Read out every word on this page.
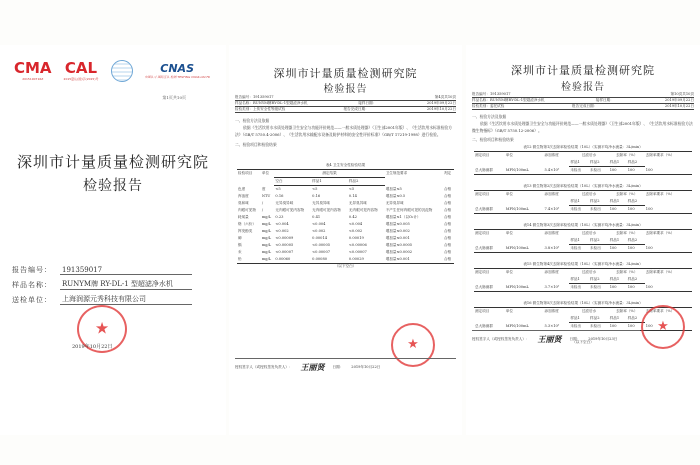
CMA
2015190716Z
CAL
2015量认(国)字(2015)号
CNAS
中国认可 国际互认 检测 TESTING CNAS L0176
第1页共10页
深圳市计量质量检测研究院
检验报告
报告编号：	191359017
样品名称：	RUNYM牌 RY-DL-1 型超滤净水机
送检单位：	上海润源元秀科技有限公司
★
2019年10月22日
深圳市计量质量检测研究院
检验报告
报告编号：191359017	第4页共10页
样品名称：RUNYM牌RY-DL-1型超滤净水机	接样日期：	2019年09月22日
检验类别：上传安全性等级试验	报告完成日期：	2019年10月22日
一、检验方法及依据
依据《生活饮用水水质处理器卫生安全与功能评价规范——一般水质处理器》（卫生部2001年版）、《生活饮用水标准检验方法》（GB/T 5750.4-2006）、《生活饮用水输配水设备及防护材料的安全性评价标准》（GB/T 17219-1998）进行检验。
二、检验项目和检验结果
表4 卫生安全性检验结果
检验项目	单位	测定结果			卫生规范要求	判定
		空白	样品1	样品2		
色度	度	<5	<5	<5	增加量≤5	合格
浑浊度	NTU	0.16	0.16	0.14	增加量≤0.5	合格
臭和味	/	无异臭异味	无异臭异味	无异臭异味	无异臭异味	合格
肉眼可见物	/	无肉眼可见内容物	无肉眼可见内容物	无肉眼可见内容物	不产生任何肉眼可见的沉淀物	合格
耗氧量	mg/L	0.23	0.41	0.42	增加量≤1（以O₂计）	合格
铬（六价）	mg/L	<0.004	<0.004	<0.004	增加量≤0.005	合格
挥发酚类	mg/L	<0.002	<0.002	<0.002	增加量≤0.002	合格
砷	mg/L	<0.00009	0.00014	0.00019	增加量≤0.001	合格
镉	mg/L	<0.00005	<0.00005	<0.00006	增加量≤0.0005	合格
汞	mg/L	<0.00007	<0.00007	<0.00007	增加量≤0.0002	合格
铅	mg/L	0.00060	0.00080	0.00029	增加量≤0.001	合格
（以下空白）
★
授权签字人（或授权签发负责人）： 王丽贤 日期： 2019年10月22日
深圳市计量质量检测研究院
检验报告
报告编号：191359017	第10页共10页
样品名称：RUNYM牌RY-DL-1型超滤净水机	接样日期：	2019年09月22日
检验类别：委托试验	报告完成日期：	2019年10月22日
一、检验方法及依据
依据《生活饮用水水质处理器卫生安全与功能评价规范——一般水质处理器》（卫生部2001年版）、《生活饮用水标准检验方法 微生物指标》（GB/T 5750.12-2006）。
二、检验项目和检验结果
表12 微生物第1次去除率检验结果（10L）（实测平均净水流量：3L/min）
测定项目	单位	添加浓度	过滤后水		去除率（%）		去除率要求（%）
			样品1	样品2	样品1	样品2	
总大肠菌群	MPN/100mL	5.4×10⁵	未检出	未检出	100	100	100
表13 微生物第2次去除率检验结果（10L）（实测平均净水流量：3L/min）
测定项目	单位	添加浓度	过滤后水		去除率（%）		去除率要求（%）
			样品1	样品2	样品1	样品2	
总大肠菌群	MPN/100mL	7.4×10⁵	未检出	未检出	100	100	100
表14 微生物第3次去除率检验结果（10L）（实测平均净水流量：3L/min）
测定项目	单位	添加浓度	过滤后水		去除率（%）		去除率要求（%）
			样品1	样品2	样品1	样品2	
总大肠菌群	MPN/100mL	3.8×10⁵	未检出	未检出	100	100	100
表15 微生物第4次去除率检验结果（10L）（实测平均净水流量：3L/min）
测定项目	单位	添加浓度	过滤后水		去除率（%）		去除率要求（%）
			样品1	样品2	样品1	样品2	
总大肠菌群	MPN/100mL	3.7×10⁵	未检出	未检出	100	100	100
表16 微生物第5次去除率检验结果（10L）（实测平均净水流量：3L/min）
测定项目	单位	添加浓度	过滤后水		去除率（%）		去除率要求（%）
			样品1	样品2	样品1	样品2	
总大肠菌群	MPN/100mL	5.3×10⁵	未检出	未检出	100	100	100
（以下空白）
★
授权签字人（或授权签发负责人）： 王丽贤 日期： 2019年10月23日
